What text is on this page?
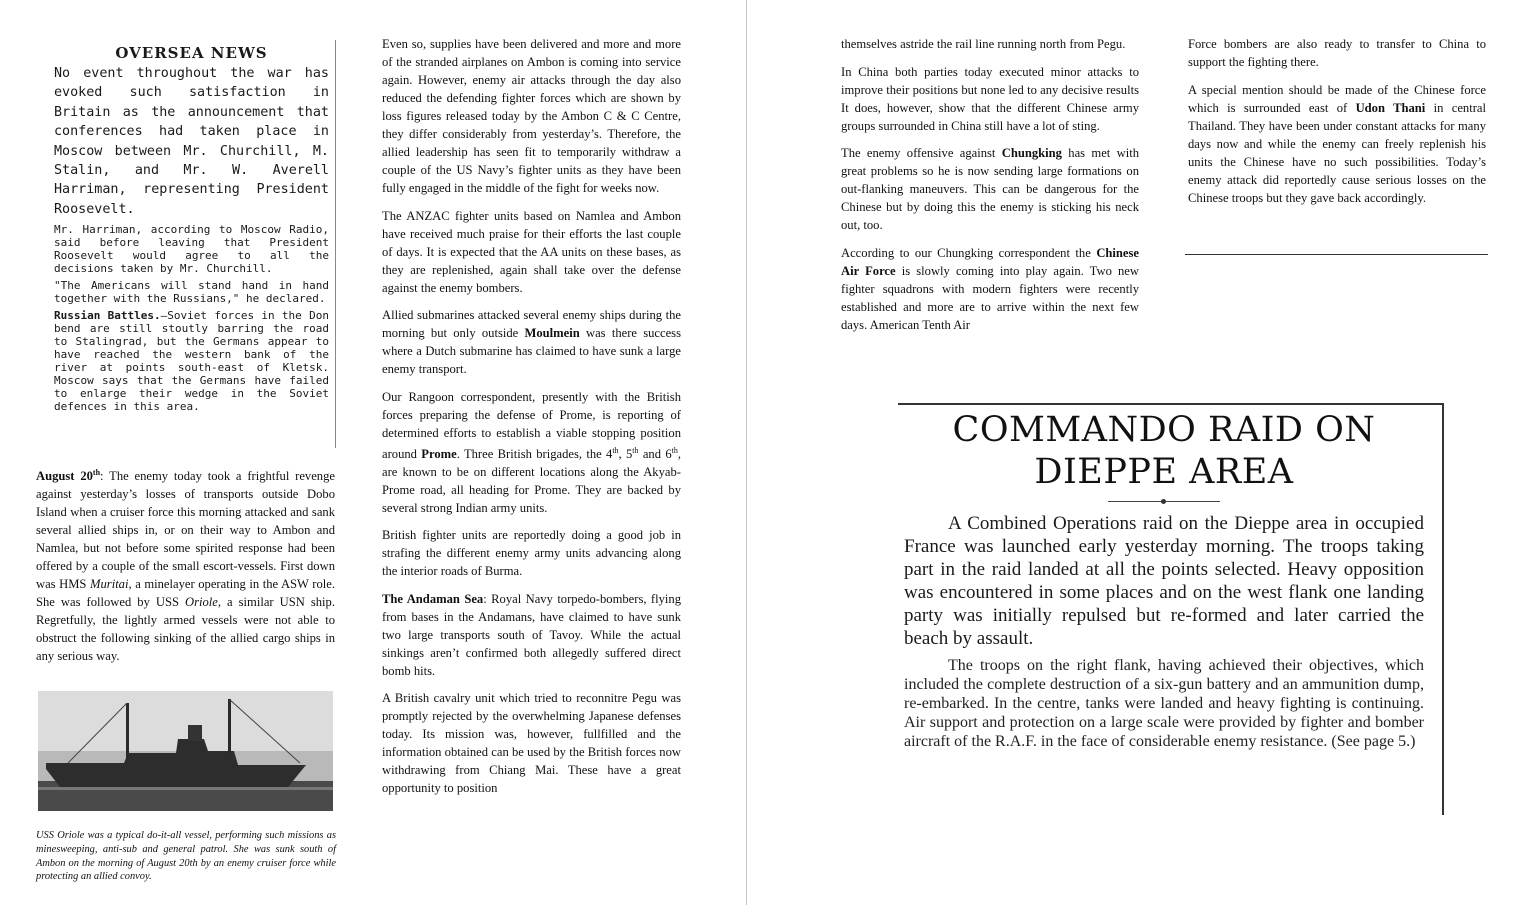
OVERSEA NEWS
No event throughout the war has evoked such satisfaction in Britain as the announcement that conferences had taken place in Moscow between Mr. Churchill, M. Stalin, and Mr. W. Averell Harriman, representing President Roosevelt.
Mr. Harriman, according to Moscow Radio, said before leaving that President Roosevelt would agree to all the decisions taken by Mr. Churchill.
"The Americans will stand hand in hand together with the Russians," he declared.
Russian Battles.—Soviet forces in the Don bend are still stoutly barring the road to Stalingrad, but the Germans appear to have reached the western bank of the river at points south-east of Kletsk. Moscow says that the Germans have failed to enlarge their wedge in the Soviet defences in this area.

August 20th: The enemy today took a frightful revenge against yesterday’s losses of transports outside Dobo Island when a cruiser force this morning attacked and sank several allied ships in, or on their way to Ambon and Namlea, but not before some spirited response had been offered by a couple of the small escort-vessels. First down was HMS Muritai, a minelayer operating in the ASW role. She was followed by USS Oriole, a similar USN ship. Regretfully, the lightly armed vessels were not able to obstruct the following sinking of the allied cargo ships in any serious way.

USS Oriole was a typical do-it-all vessel, performing such missions as minesweeping, anti-sub and general patrol. She was sunk south of Ambon on the morning of August 20th by an enemy cruiser force while protecting an allied convoy.

Even so, supplies have been delivered and more and more of the stranded airplanes on Ambon is coming into service again. However, enemy air attacks through the day also reduced the defending fighter forces which are shown by loss figures released today by the Ambon C & C Centre, they differ considerably from yesterday’s. Therefore, the allied leadership has seen fit to temporarily withdraw a couple of the US Navy’s fighter units as they have been fully engaged in the middle of the fight for weeks now.

The ANZAC fighter units based on Namlea and Ambon have received much praise for their efforts the last couple of days. It is expected that the AA units on these bases, as they are replenished, again shall take over the defense against the enemy bombers.

Allied submarines attacked several enemy ships during the morning but only outside Moulmein was there success where a Dutch submarine has claimed to have sunk a large enemy transport.

Our Rangoon correspondent, presently with the British forces preparing the defense of Prome, is reporting of determined efforts to establish a viable stopping position around Prome. Three British brigades, the 4th, 5th and 6th, are known to be on different locations along the Akyab-Prome road, all heading for Prome. They are backed by several strong Indian army units.

British fighter units are reportedly doing a good job in strafing the different enemy army units advancing along the interior roads of Burma.

The Andaman Sea: Royal Navy torpedo-bombers, flying from bases in the Andamans, have claimed to have sunk two large transports south of Tavoy. While the actual sinkings aren’t confirmed both allegedly suffered direct bomb hits.

A British cavalry unit which tried to reconnitre Pegu was promptly rejected by the overwhelming Japanese defenses today. Its mission was, however, fullfilled and the information obtained can be used by the British forces now withdrawing from Chiang Mai. These have a great opportunity to position

themselves astride the rail line running north from Pegu.

In China both parties today executed minor attacks to improve their positions but none led to any decisive results It does, however, show that the different Chinese army groups surrounded in China still have a lot of sting.

The enemy offensive against Chungking has met with great problems so he is now sending large formations on out-flanking maneuvers. This can be dangerous for the Chinese but by doing this the enemy is sticking his neck out, too.

According to our Chungking correspondent the Chinese Air Force is slowly coming into play again. Two new fighter squadrons with modern fighters were recently established and more are to arrive within the next few days. American Tenth Air

Force bombers are also ready to transfer to China to support the fighting there.

A special mention should be made of the Chinese force which is surrounded east of Udon Thani in central Thailand. They have been under constant attacks for many days now and while the enemy can freely replenish his units the Chinese have no such possibilities. Today’s enemy attack did reportedly cause serious losses on the Chinese troops but they gave back accordingly.

COMMANDO RAID ON
DIEPPE AREA
A Combined Operations raid on the Dieppe area in occupied France was launched early yesterday morning. The troops taking part in the raid landed at all the points selected. Heavy opposition was encountered in some places and on the west flank one landing party was initially repulsed but re-formed and later carried the beach by assault.
The troops on the right flank, having achieved their objectives, which included the complete destruction of a six-gun battery and an ammunition dump, re-embarked. In the centre, tanks were landed and heavy fighting is continuing. Air support and protection on a large scale were provided by fighter and bomber aircraft of the R.A.F. in the face of considerable enemy resistance. (See page 5.)
